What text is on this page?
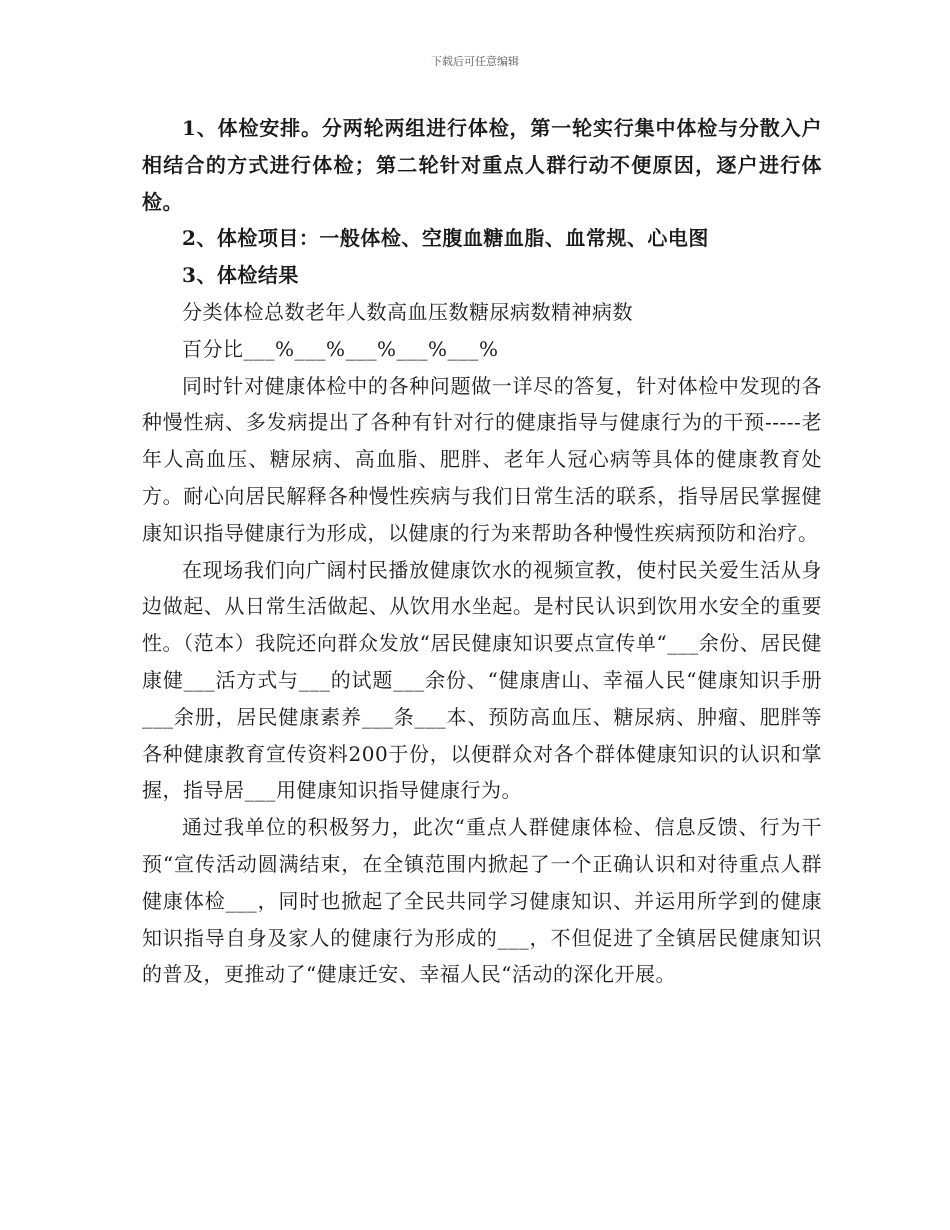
下载后可任意编辑

1、体检安排。分两轮两组进行体检，第一轮实行集中体检与分散入户相结合的方式进行体检；第二轮针对重点人群行动不便原因，逐户进行体检。

2、体检项目：一般体检、空腹血糖血脂、血常规、心电图

3、体检结果

分类体检总数老年人数高血压数糖尿病数精神病数

百分比___%___%___%___%___%

同时针对健康体检中的各种问题做一详尽的答复，针对体检中发现的各种慢性病、多发病提出了各种有针对行的健康指导与健康行为的干预-----老年人高血压、糖尿病、高血脂、肥胖、老年人冠心病等具体的健康教育处方。耐心向居民解释各种慢性疾病与我们日常生活的联系，指导居民掌握健康知识指导健康行为形成，以健康的行为来帮助各种慢性疾病预防和治疗。

在现场我们向广阔村民播放健康饮水的视频宣教，使村民关爱生活从身边做起、从日常生活做起、从饮用水坐起。是村民认识到饮用水安全的重要性。（范本）我院还向群众发放“居民健康知识要点宣传单“___余份、居民健康健___活方式与___的试题___余份、“健康唐山、幸福人民“健康知识手册___余册，居民健康素养___条___本、预防高血压、糖尿病、肿瘤、肥胖等各种健康教育宣传资料200于份，以便群众对各个群体健康知识的认识和掌握，指导居___用健康知识指导健康行为。

通过我单位的积极努力，此次“重点人群健康体检、信息反馈、行为干预“宣传活动圆满结束，在全镇范围内掀起了一个正确认识和对待重点人群健康体检___，同时也掀起了全民共同学习健康知识、并运用所学到的健康知识指导自身及家人的健康行为形成的___，不但促进了全镇居民健康知识的普及，更推动了“健康迁安、幸福人民“活动的深化开展。
